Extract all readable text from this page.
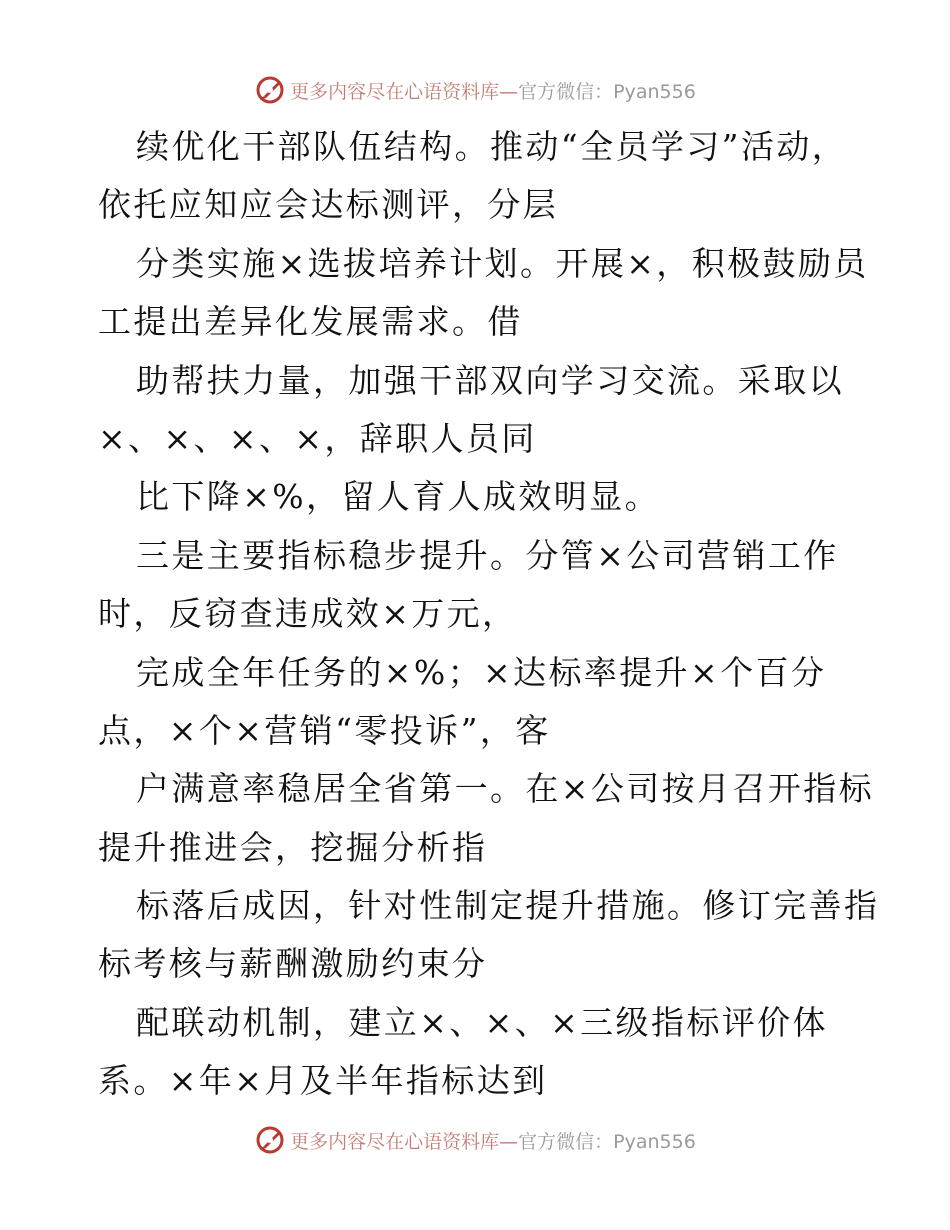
更多内容尽在心语资料库—官方微信：Pyan556
续优化干部队伍结构。推动“全员学习”活动，
依托应知应会达标测评，分层
分类实施×选拔培养计划。开展×，积极鼓励员
工提出差异化发展需求。借
助帮扶力量，加强干部双向学习交流。采取以
×、×、×、×，辞职人员同
比下降×%，留人育人成效明显。
三是主要指标稳步提升。分管×公司营销工作
时，反窃查违成效×万元，
完成全年任务的×%；×达标率提升×个百分
点，×个×营销“零投诉”，客
户满意率稳居全省第一。在×公司按月召开指标
提升推进会，挖掘分析指
标落后成因，针对性制定提升措施。修订完善指
标考核与薪酬激励约束分
配联动机制，建立×、×、×三级指标评价体
系。×年×月及半年指标达到
更多内容尽在心语资料库—官方微信：Pyan556
